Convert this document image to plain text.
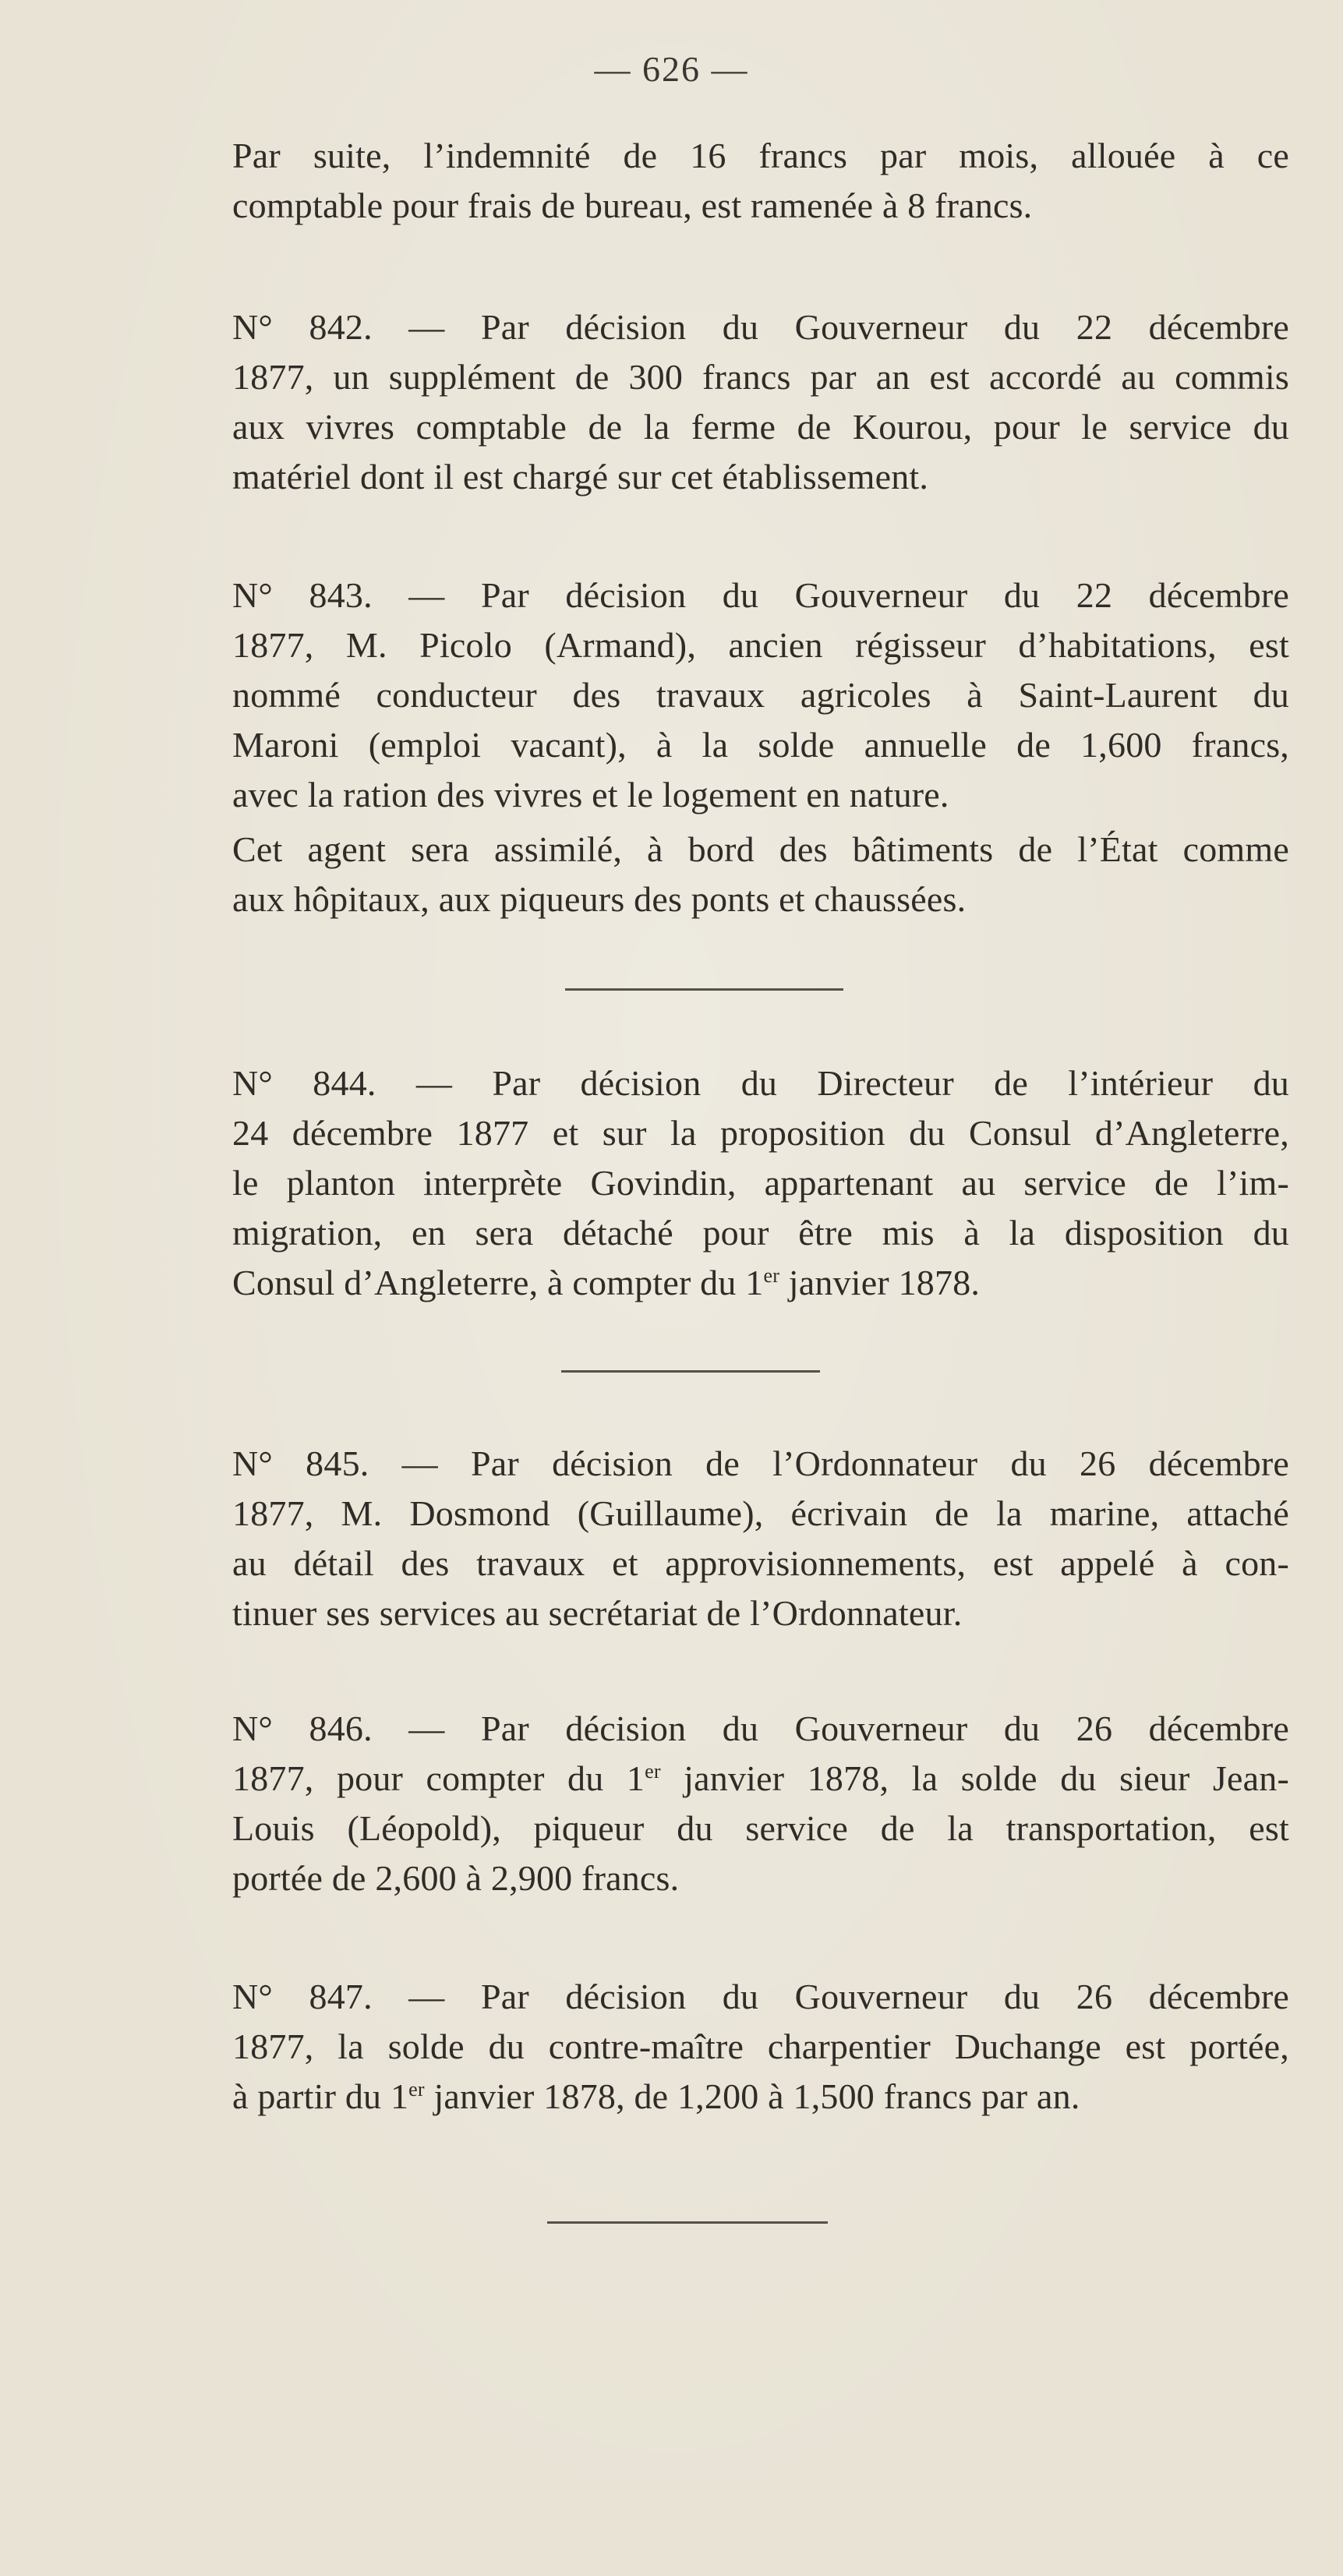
— 626 —

Par suite, l’indemnité de 16 francs par mois, allouée à ce
comptable pour frais de bureau, est ramenée à 8 francs.

N° 842. — Par décision du Gouverneur du 22 décembre
1877, un supplément de 300 francs par an est accordé au commis
aux vivres comptable de la ferme de Kourou, pour le service du
matériel dont il est chargé sur cet établissement.

N° 843. — Par décision du Gouverneur du 22 décembre
1877, M. Picolo (Armand), ancien régisseur d’habitations, est
nommé conducteur des travaux agricoles à Saint-Laurent du
Maroni (emploi vacant), à la solde annuelle de 1,600 francs,
avec la ration des vivres et le logement en nature.

Cet agent sera assimilé, à bord des bâtiments de l’État comme
aux hôpitaux, aux piqueurs des ponts et chaussées.

N° 844. — Par décision du Directeur de l’intérieur du
24 décembre 1877 et sur la proposition du Consul d’Angleterre,
le planton interprète Govindin, appartenant au service de l’im-
migration, en sera détaché pour être mis à la disposition du
Consul d’Angleterre, à compter du 1er janvier 1878.

N° 845. — Par décision de l’Ordonnateur du 26 décembre
1877, M. Dosmond (Guillaume), écrivain de la marine, attaché
au détail des travaux et approvisionnements, est appelé à con-
tinuer ses services au secrétariat de l’Ordonnateur.

N° 846. — Par décision du Gouverneur du 26 décembre
1877, pour compter du 1er janvier 1878, la solde du sieur Jean-
Louis (Léopold), piqueur du service de la transportation, est
portée de 2,600 à 2,900 francs.

N° 847. — Par décision du Gouverneur du 26 décembre
1877, la solde du contre-maître charpentier Duchange est portée,
à partir du 1er janvier 1878, de 1,200 à 1,500 francs par an.
